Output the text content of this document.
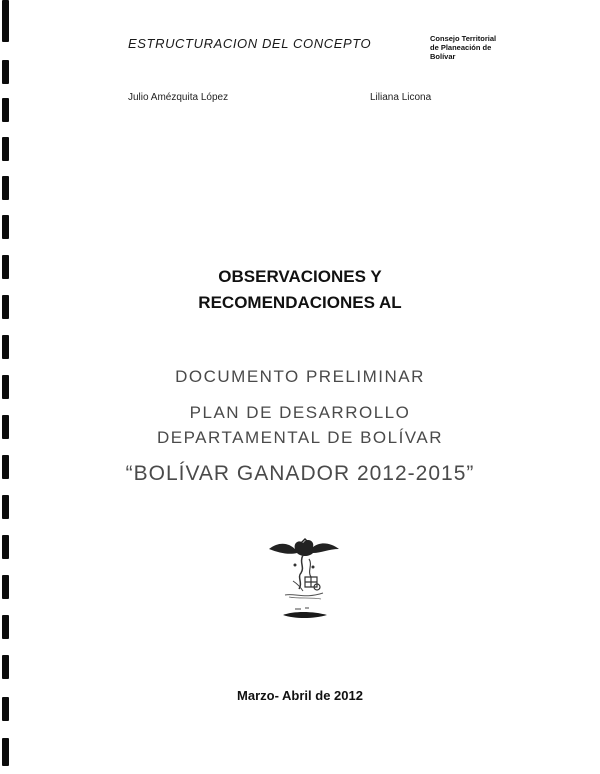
ESTRUCTURACION DEL CONCEPTO	Consejo Territorial
de Planeación de
Bolívar
Julio Amézquita López	Liliana Licona
OBSERVACIONES Y
RECOMENDACIONES AL
DOCUMENTO PRELIMINAR
PLAN DE DESARROLLO
DEPARTAMENTAL DE BOLÍVAR
“BOLÍVAR GANADOR 2012-2015”
Marzo- Abril de 2012
